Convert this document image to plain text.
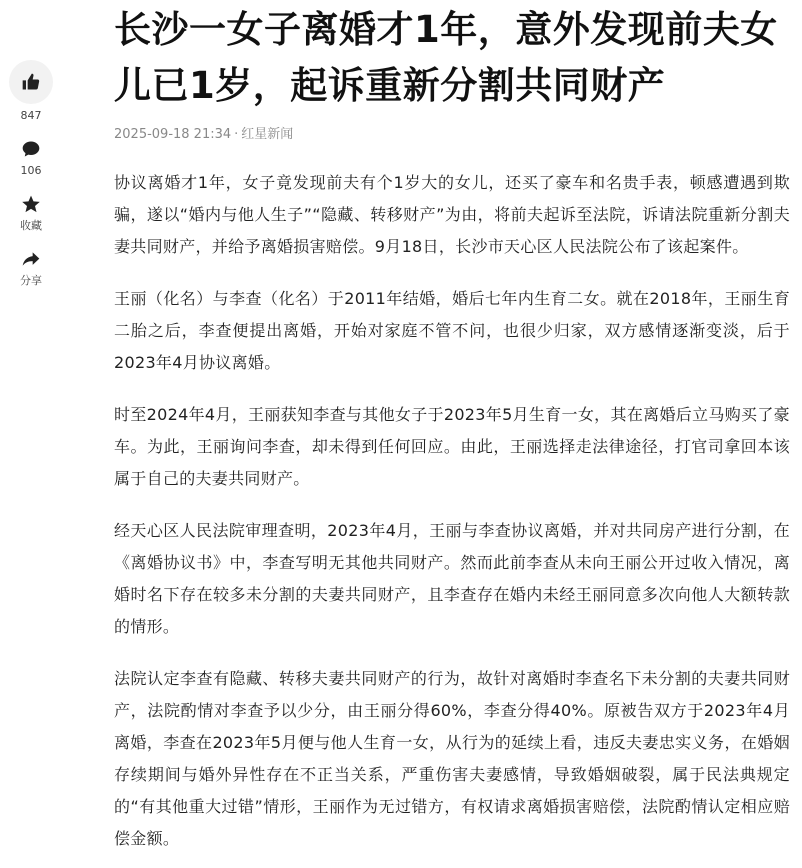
847
106
收藏
分享
长沙一女子离婚才1年，意外发现前夫女儿已1岁，起诉重新分割共同财产
2025-09-18 21:34 · 红星新闻

协议离婚才1年，女子竟发现前夫有个1岁大的女儿，还买了豪车和名贵手表，顿感遭遇到欺骗，遂以“婚内与他人生子”“隐藏、转移财产”为由，将前夫起诉至法院，诉请法院重新分割夫妻共同财产，并给予离婚损害赔偿。9月18日，长沙市天心区人民法院公布了该起案件。

王丽（化名）与李查（化名）于2011年结婚，婚后七年内生育二女。就在2018年，王丽生育二胎之后，李查便提出离婚，开始对家庭不管不问，也很少归家，双方感情逐渐变淡，后于2023年4月协议离婚。

时至2024年4月，王丽获知李查与其他女子于2023年5月生育一女，其在离婚后立马购买了豪车。为此，王丽询问李查，却未得到任何回应。由此，王丽选择走法律途径，打官司拿回本该属于自己的夫妻共同财产。

经天心区人民法院审理查明，2023年4月，王丽与李查协议离婚，并对共同房产进行分割，在《离婚协议书》中，李查写明无其他共同财产。然而此前李查从未向王丽公开过收入情况，离婚时名下存在较多未分割的夫妻共同财产，且李查存在婚内未经王丽同意多次向他人大额转款的情形。

法院认定李查有隐藏、转移夫妻共同财产的行为，故针对离婚时李查名下未分割的夫妻共同财产，法院酌情对李查予以少分，由王丽分得60%，李查分得40%。原被告双方于2023年4月离婚，李查在2023年5月便与他人生育一女，从行为的延续上看，违反夫妻忠实义务，在婚姻存续期间与婚外异性存在不正当关系，严重伤害夫妻感情，导致婚姻破裂，属于民法典规定的“有其他重大过错”情形，王丽作为无过错方，有权请求离婚损害赔偿，法院酌情认定相应赔偿金额。
